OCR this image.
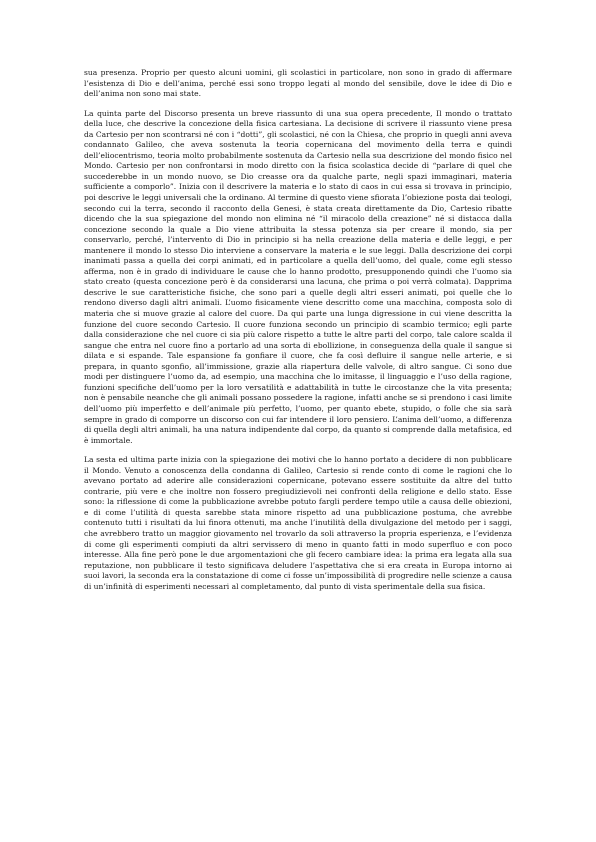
sua presenza. Proprio per questo alcuni uomini, gli scolastici in particolare, non sono in grado di affermare l’esistenza di Dio e dell’anima, perché essi sono troppo legati al mondo del sensibile, dove le idee di Dio e dell’anima non sono mai state.

La quinta parte del Discorso presenta un breve riassunto di una sua opera precedente, Il mondo o trattato della luce, che descrive la concezione della fisica cartesiana. La decisione di scrivere il riassunto viene presa da Cartesio per non scontrarsi né con i “dotti”, gli scolastici, né con la Chiesa, che proprio in quegli anni aveva condannato Galileo, che aveva sostenuta la teoria copernicana del movimento della terra e quindi dell’eliocentrismo, teoria molto probabilmente sostenuta da Cartesio nella sua descrizione del mondo fisico nel Mondo. Cartesio per non confrontarsi in modo diretto con la fisica scolastica decide di “parlare di quel che succederebbe in un mondo nuovo, se Dio creasse ora da qualche parte, negli spazi immaginari, materia sufficiente a comporlo”. Inizia con il descrivere la materia e lo stato di caos in cui essa si trovava in principio, poi descrive le leggi universali che la ordinano. Al termine di questo viene sfiorata l’obiezione posta dai teologi, secondo cui la terra, secondo il racconto della Genesi, è stata creata direttamente da Dio, Cartesio ribatte dicendo che la sua spiegazione del mondo non elimina né “il miracolo della creazione” né si distacca dalla concezione secondo la quale a Dio viene attribuita la stessa potenza sia per creare il mondo, sia per conservarlo, perché, l’intervento di Dio in principio si ha nella creazione della materia e delle leggi, e per mantenere il mondo lo stesso Dio interviene a conservare la materia e le sue leggi. Dalla descrizione dei corpi inanimati passa a quella dei corpi animati, ed in particolare a quella dell’uomo, del quale, come egli stesso afferma, non è in grado di individuare le cause che lo hanno prodotto, presupponendo quindi che l’uomo sia stato creato (questa concezione però è da considerarsi una lacuna, che prima o poi verrà colmata). Dapprima descrive le sue caratteristiche fisiche, che sono pari a quelle degli altri esseri animati, poi quelle che lo rendono diverso dagli altri animali. L’uomo fisicamente viene descritto come una macchina, composta solo di materia che si muove grazie al calore del cuore. Da qui parte una lunga digressione in cui viene descritta la funzione del cuore secondo Cartesio. Il cuore funziona secondo un principio di scambio termico; egli parte dalla considerazione che nel cuore ci sia più calore rispetto a tutte le altre parti del corpo, tale calore scalda il sangue che entra nel cuore fino a portarlo ad una sorta di ebollizione, in conseguenza della quale il sangue si dilata e si espande. Tale espansione fa gonfiare il cuore, che fa così defluire il sangue nelle arterie, e si prepara, in quanto sgonfio, all’immissione, grazie alla riapertura delle valvole, di altro sangue. Ci sono due modi per distinguere l’uomo da, ad esempio, una macchina che lo imitasse, il linguaggio e l’uso della ragione, funzioni specifiche dell’uomo per la loro versatilità e adattabilità in tutte le circostanze che la vita presenta; non è pensabile neanche che gli animali possano possedere la ragione, infatti anche se si prendono i casi limite dell’uomo più imperfetto e dell’animale più perfetto, l’uomo, per quanto ebete, stupido, o folle che sia sarà sempre in grado di comporre un discorso con cui far intendere il loro pensiero. L’anima dell’uomo, a differenza di quella degli altri animali, ha una natura indipendente dal corpo, da quanto si comprende dalla metafisica, ed è immortale.

La sesta ed ultima parte inizia con la spiegazione dei motivi che lo hanno portato a decidere di non pubblicare il Mondo. Venuto a conoscenza della condanna di Galileo, Cartesio si rende conto di come le ragioni che lo avevano portato ad aderire alle considerazioni copernicane, potevano essere sostituite da altre del tutto contrarie, più vere e che inoltre non fossero pregiudizievoli nei confronti della religione e dello stato. Esse sono: la riflessione di come la pubblicazione avrebbe potuto fargli perdere tempo utile a causa delle obiezioni, e di come l’utilità di questa sarebbe stata minore rispetto ad una pubblicazione postuma, che avrebbe contenuto tutti i risultati da lui finora ottenuti, ma anche l’inutilità della divulgazione del metodo per i saggi, che avrebbero tratto un maggior giovamento nel trovarlo da soli attraverso la propria esperienza, e l’evidenza di come gli esperimenti compiuti da altri servissero di meno in quanto fatti in modo superfluo e con poco interesse. Alla fine però pone le due argomentazioni che gli fecero cambiare idea: la prima era legata alla sua reputazione, non pubblicare il testo significava deludere l’aspettativa che si era creata in Europa intorno ai suoi lavori, la seconda era la constatazione di come ci fosse un’impossibilità di progredire nelle scienze a causa di un’infinità di esperimenti necessari al completamento, dal punto di vista sperimentale della sua fisica.
